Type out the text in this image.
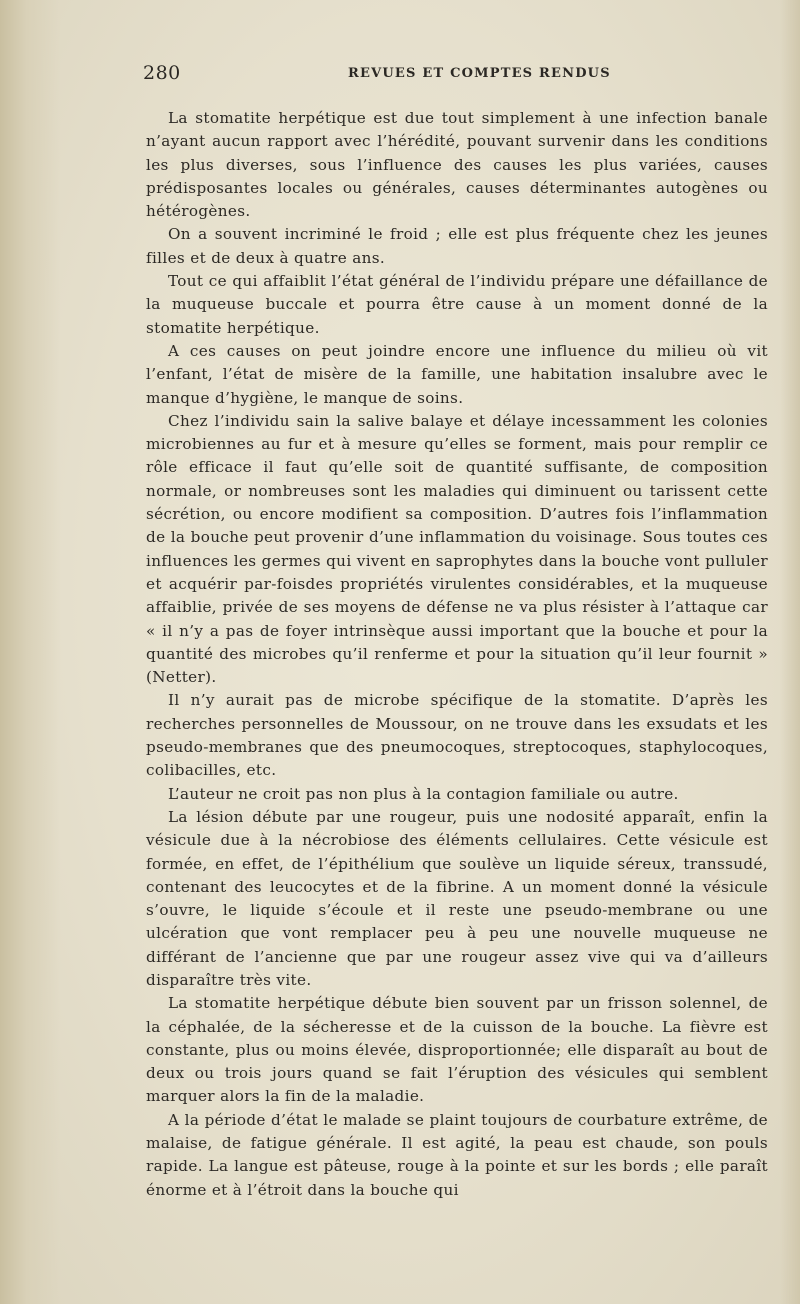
280	REVUES ET COMPTES RENDUS

La stomatite herpétique est due tout simplement à une infection banale n’ayant aucun rapport avec l’hérédité, pouvant survenir dans les conditions les plus diverses, sous l’influence des causes les plus variées, causes prédisposantes locales ou générales, causes déterminantes autogènes ou hétérogènes.

On a souvent incriminé le froid ; elle est plus fréquente chez les jeunes filles et de deux à quatre ans.

Tout ce qui affaiblit l’état général de l’individu prépare une défaillance de la muqueuse buccale et pourra être cause à un moment donné de la stomatite herpétique.

A ces causes on peut joindre encore une influence du milieu où vit l’enfant, l’état de misère de la famille, une habitation insalubre avec le manque d’hygiène, le manque de soins.

Chez l’individu sain la salive balaye et délaye incessamment les colonies microbiennes au fur et à mesure qu’elles se forment, mais pour remplir ce rôle efficace il faut qu’elle soit de quantité suffisante, de composition normale, or nombreuses sont les maladies qui diminuent ou tarissent cette sécrétion, ou encore modifient sa composition. D’autres fois l’inflammation de la bouche peut provenir d’une inflammation du voisinage. Sous toutes ces influences les germes qui vivent en saprophytes dans la bouche vont pulluler et acquérir par-foisdes propriétés virulentes considérables, et la muqueuse affaiblie, privée de ses moyens de défense ne va plus résister à l’attaque car « il n’y a pas de foyer intrinsèque aussi important que la bouche et pour la quantité des microbes qu’il renferme et pour la situation qu’il leur fournit » (Netter).

Il n’y aurait pas de microbe spécifique de la stomatite. D’après les recherches personnelles de Moussour, on ne trouve dans les exsudats et les pseudo-membranes que des pneumocoques, streptocoques, staphylocoques, colibacilles, etc.

L’auteur ne croit pas non plus à la contagion familiale ou autre.

La lésion débute par une rougeur, puis une nodosité apparaît, enfin la vésicule due à la nécrobiose des éléments cellulaires. Cette vésicule est formée, en effet, de l’épithélium que soulève un liquide séreux, transsudé, contenant des leucocytes et de la fibrine. A un moment donné la vésicule s’ouvre, le liquide s’écoule et il reste une pseudo-membrane ou une ulcération que vont remplacer peu à peu une nouvelle muqueuse ne différant de l’ancienne que par une rougeur assez vive qui va d’ailleurs disparaître très vite.

La stomatite herpétique débute bien souvent par un frisson solennel, de la céphalée, de la sécheresse et de la cuisson de la bouche. La fièvre est constante, plus ou moins élevée, disproportionnée; elle disparaît au bout de deux ou trois jours quand se fait l’éruption des vésicules qui semblent marquer alors la fin de la maladie.

A la période d’état le malade se plaint toujours de courbature extrême, de malaise, de fatigue générale. Il est agité, la peau est chaude, son pouls rapide. La langue est pâteuse, rouge à la pointe et sur les bords ; elle paraît énorme et à l’étroit dans la bouche qui
